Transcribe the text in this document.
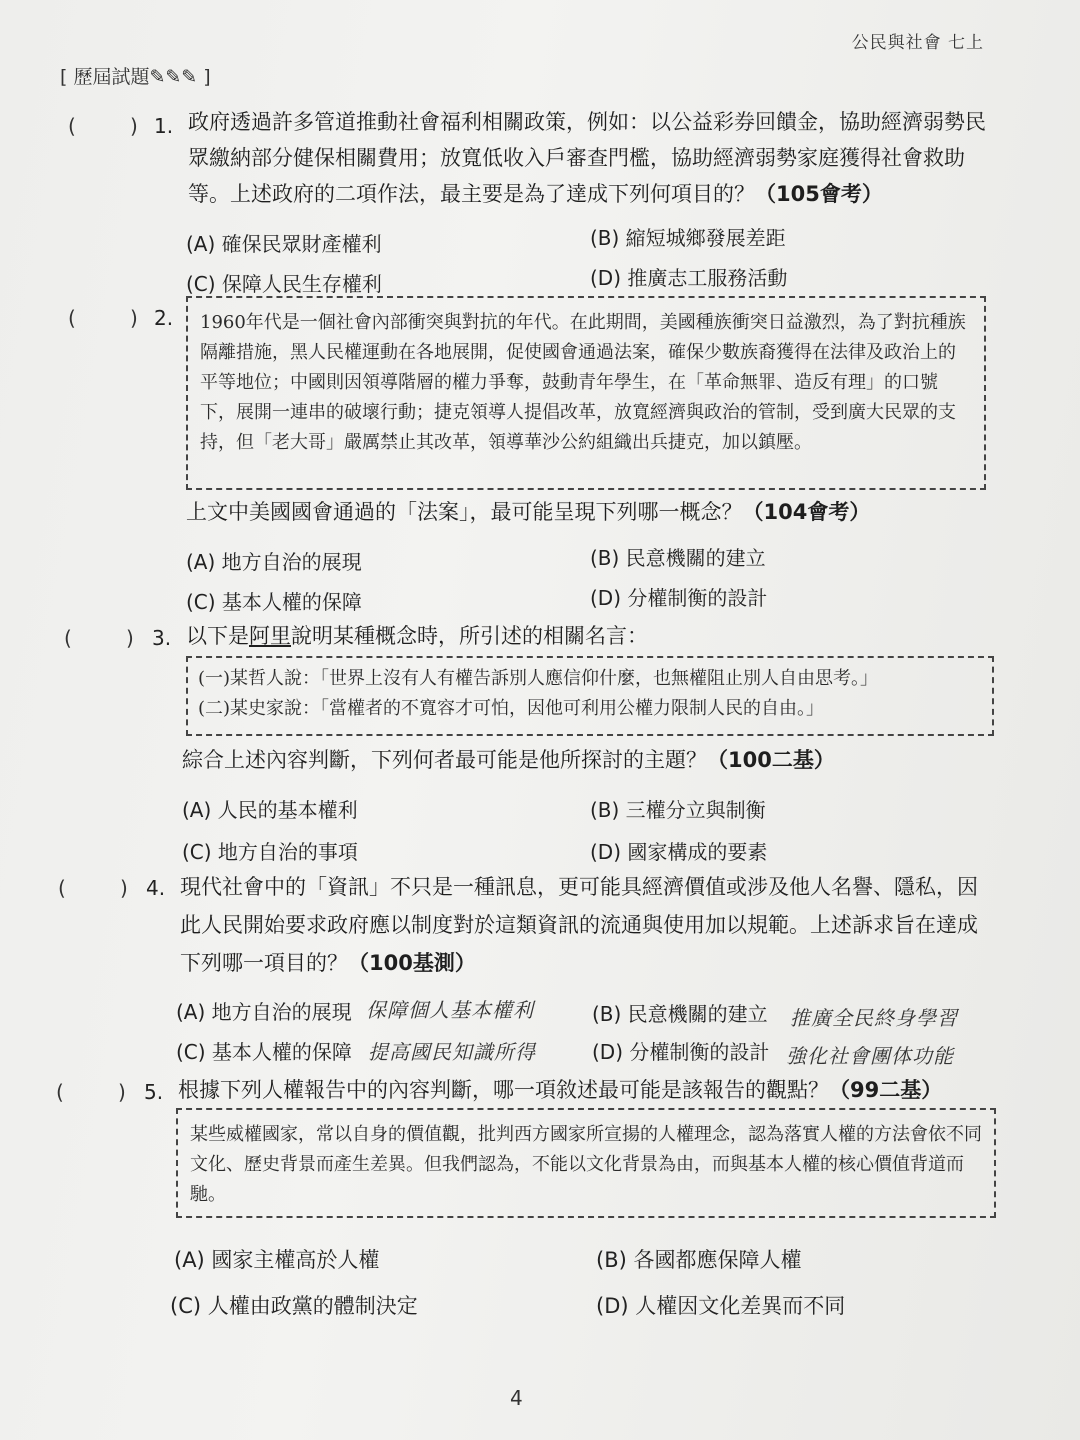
公民與社會 七上
[ 歷屆試題✎✎✎ ]
(	) 1. 政府透過許多管道推動社會福利相關政策，例如：以公益彩券回饋金，協助經濟弱勢民眾繳納部分健保相關費用；放寬低收入戶審查門檻，協助經濟弱勢家庭獲得社會救助等。上述政府的二項作法，最主要是為了達成下列何項目的？（105會考）
(A) 確保民眾財產權利	(B) 縮短城鄉發展差距
(C) 保障人民生存權利	(D) 推廣志工服務活動
(	) 2.	1960年代是一個社會內部衝突與對抗的年代。在此期間，美國種族衝突日益激烈，為了對抗種族隔離措施，黑人民權運動在各地展開，促使國會通過法案，確保少數族裔獲得在法律及政治上的平等地位；中國則因領導階層的權力爭奪，鼓動青年學生，在「革命無罪、造反有理」的口號下，展開一連串的破壞行動；捷克領導人提倡改革，放寬經濟與政治的管制，受到廣大民眾的支持，但「老大哥」嚴厲禁止其改革，領導華沙公約組織出兵捷克，加以鎮壓。
上文中美國國會通過的「法案」，最可能呈現下列哪一概念？（104會考）
(A) 地方自治的展現	(B) 民意機關的建立
(C) 基本人權的保障	(D) 分權制衡的設計
(	) 3. 以下是阿里說明某種概念時，所引述的相關名言：
(一)某哲人說：「世界上沒有人有權告訴別人應信仰什麼，也無權阻止別人自由思考。」
(二)某史家說：「當權者的不寬容才可怕，因他可利用公權力限制人民的自由。」
綜合上述內容判斷，下列何者最可能是他所探討的主題？（100二基）
(A) 人民的基本權利	(B) 三權分立與制衡
(C) 地方自治的事項	(D) 國家構成的要素
(	) 4. 現代社會中的「資訊」不只是一種訊息，更可能具經濟價值或涉及他人名譽、隱私，因此人民開始要求政府應以制度對於這類資訊的流通與使用加以規範。上述訴求旨在達成下列哪一項目的？（100基測）
(A) 地方自治的展現 保障個人基本權利	(B) 民意機關的建立 推廣全民終身學習
(C) 基本人權的保障 提高國民知識所得	(D) 分權制衡的設計 強化社會團体功能
(	) 5. 根據下列人權報告中的內容判斷，哪一項敘述最可能是該報告的觀點？（99二基）
某些威權國家，常以自身的價值觀，批判西方國家所宣揚的人權理念，認為落實人權的方法會依不同文化、歷史背景而產生差異。但我們認為，不能以文化背景為由，而與基本人權的核心價值背道而馳。
(A) 國家主權高於人權	(B) 各國都應保障人權
(C) 人權由政黨的體制決定	(D) 人權因文化差異而不同
4
